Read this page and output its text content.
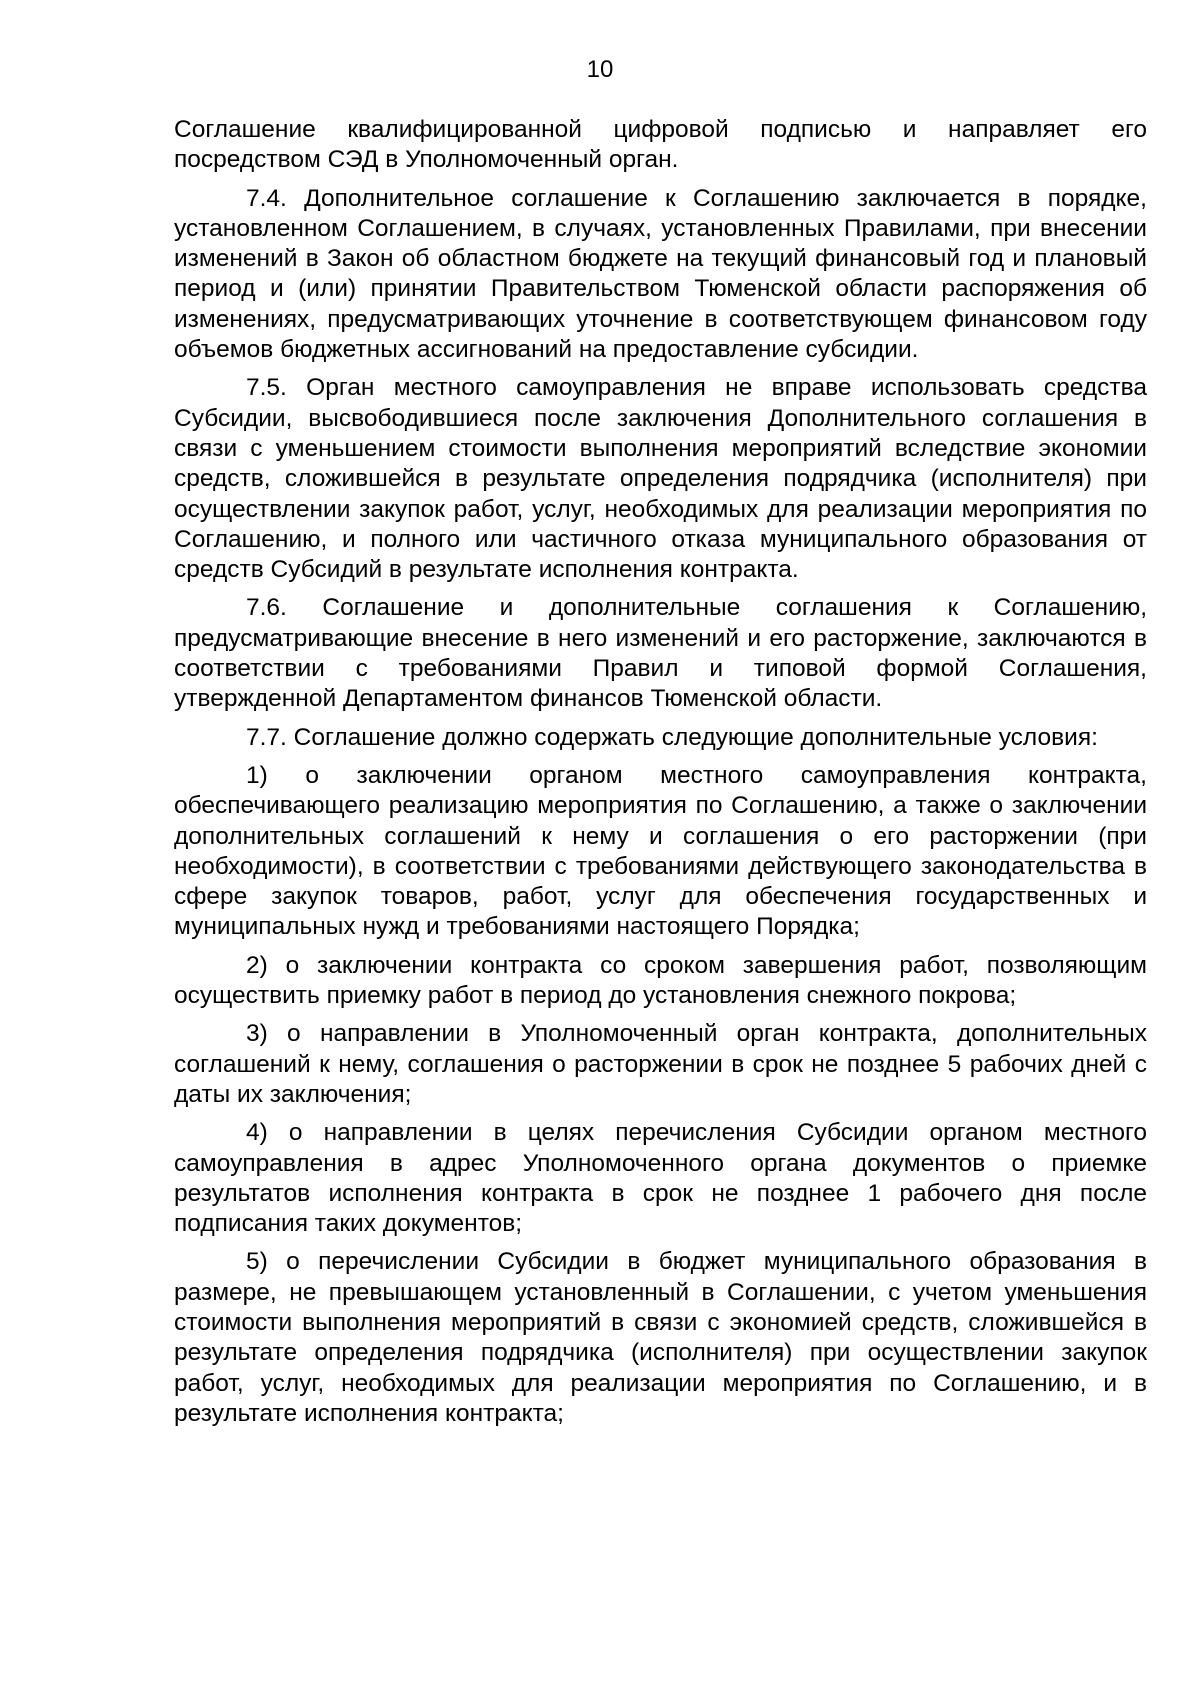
10

Соглашение квалифицированной цифровой подписью и направляет его посредством СЭД в Уполномоченный орган.

7.4. Дополнительное соглашение к Соглашению заключается в порядке, установленном Соглашением, в случаях, установленных Правилами, при внесении изменений в Закон об областном бюджете на текущий финансовый год и плановый период и (или) принятии Правительством Тюменской области распоряжения об изменениях, предусматривающих уточнение в соответствующем финансовом году объемов бюджетных ассигнований на предоставление субсидии.

7.5. Орган местного самоуправления не вправе использовать средства Субсидии, высвободившиеся после заключения Дополнительного соглашения в связи с уменьшением стоимости выполнения мероприятий вследствие экономии средств, сложившейся в результате определения подрядчика (исполнителя) при осуществлении закупок работ, услуг, необходимых для реализации мероприятия по Соглашению, и полного или частичного отказа муниципального образования от средств Субсидий в результате исполнения контракта.

7.6. Соглашение и дополнительные соглашения к Соглашению, предусматривающие внесение в него изменений и его расторжение, заключаются в соответствии с требованиями Правил и типовой формой Соглашения, утвержденной Департаментом финансов Тюменской области.

7.7. Соглашение должно содержать следующие дополнительные условия:

1) о заключении органом местного самоуправления контракта, обеспечивающего реализацию мероприятия по Соглашению, а также о заключении дополнительных соглашений к нему и соглашения о его расторжении (при необходимости), в соответствии с требованиями действующего законодательства в сфере закупок товаров, работ, услуг для обеспечения государственных и муниципальных нужд и требованиями настоящего Порядка;

2) о заключении контракта со сроком завершения работ, позволяющим осуществить приемку работ в период до установления снежного покрова;

3) о направлении в Уполномоченный орган контракта, дополнительных соглашений к нему, соглашения о расторжении в срок не позднее 5 рабочих дней с даты их заключения;

4) о направлении в целях перечисления Субсидии органом местного самоуправления в адрес Уполномоченного органа документов о приемке результатов исполнения контракта в срок не позднее 1 рабочего дня после подписания таких документов;

5) о перечислении Субсидии в бюджет муниципального образования в размере, не превышающем установленный в Соглашении, с учетом уменьшения стоимости выполнения мероприятий в связи с экономией средств, сложившейся в результате определения подрядчика (исполнителя) при осуществлении закупок работ, услуг, необходимых для реализации мероприятия по Соглашению, и в результате исполнения контракта;
